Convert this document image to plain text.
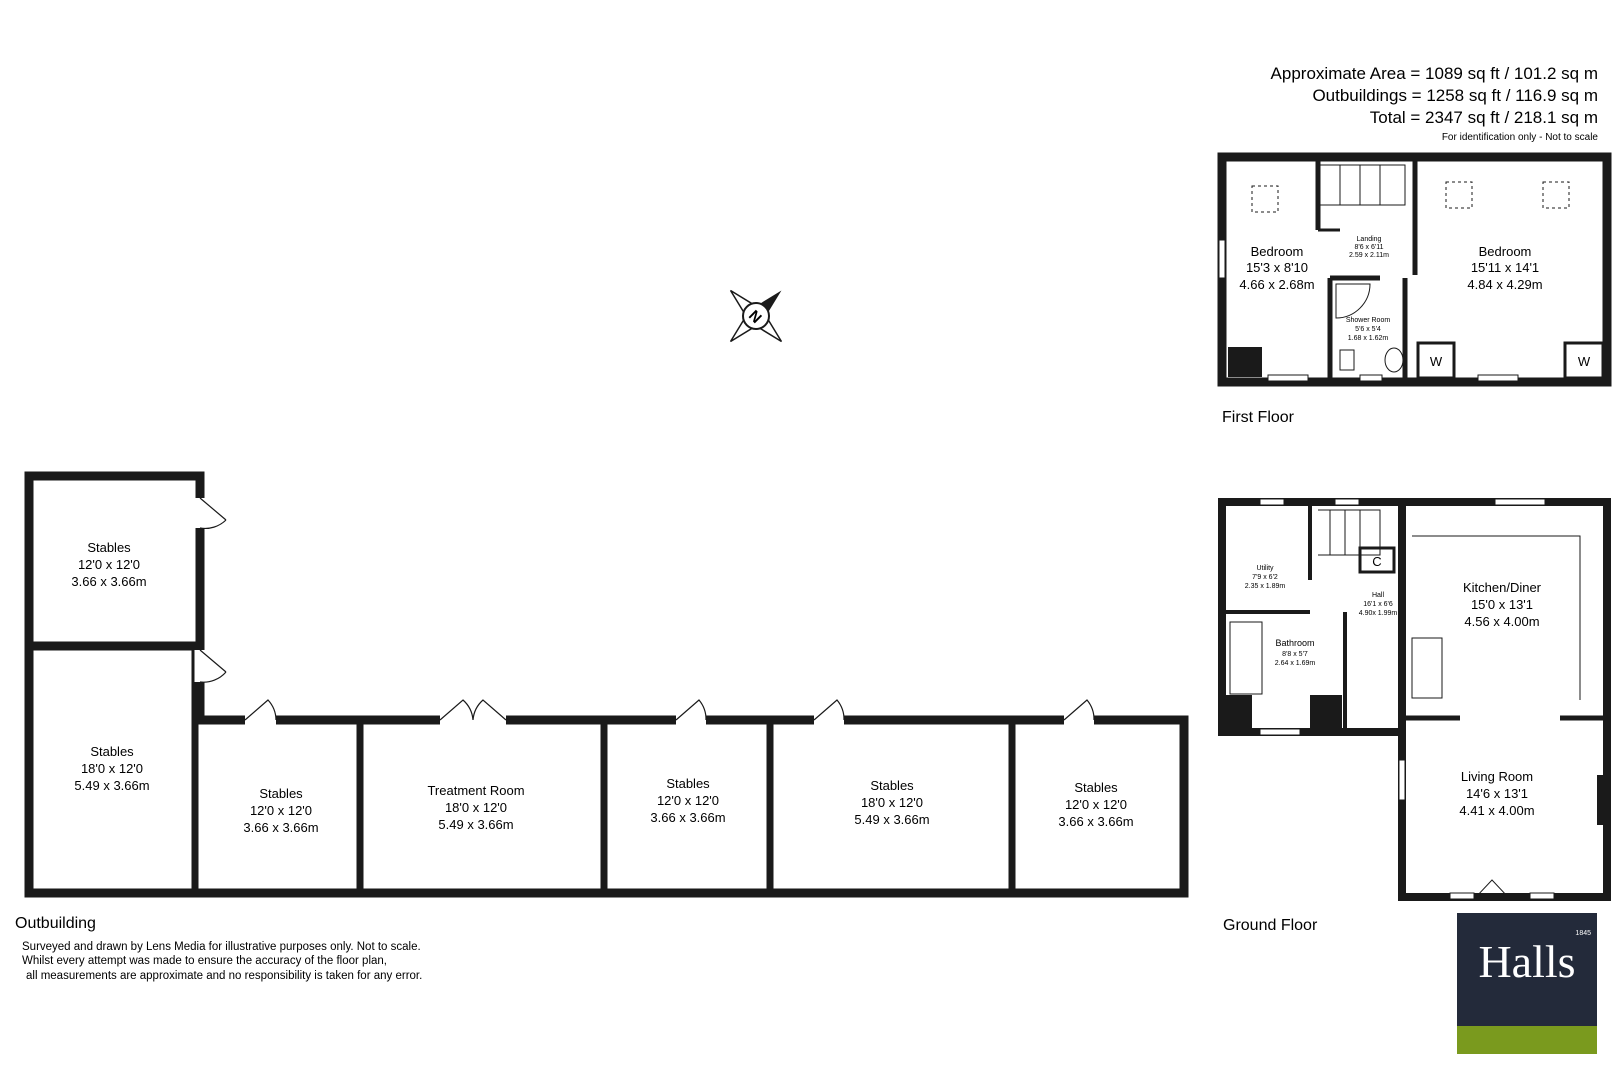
Approximate Area = 1089 sq ft / 101.2 sq m
Outbuildings = 1258 sq ft / 116.9 sq m
Total = 2347 sq ft / 218.1 sq m
For identification only - Not to scale
N
Bedroom
15'3 x 8'10
4.66 x 2.68m
Bedroom
15'11 x 14'1
4.84 x 4.29m
Landing
8'6 x 6'11
2.59 x 2.11m
Shower Room
5'6 x 5'4
1.68 x 1.62m
W	W
First Floor
Utility
7'9 x 6'2
2.35 x 1.89m
Hall
16'1 x 6'6
4.90x 1.99m
Bathroom
8'8 x 5'7
2.64 x 1.69m
C
Kitchen/Diner
15'0 x 13'1
4.56 x 4.00m
Living Room
14'6 x 13'1
4.41 x 4.00m
Ground Floor
Stables
12'0 x 12'0
3.66 x 3.66m
Stables
18'0 x 12'0
5.49 x 3.66m
Stables
12'0 x 12'0
3.66 x 3.66m
Treatment Room
18'0 x 12'0
5.49 x 3.66m
Stables
12'0 x 12'0
3.66 x 3.66m
Stables
18'0 x 12'0
5.49 x 3.66m
Stables
12'0 x 12'0
3.66 x 3.66m
Outbuilding
Surveyed and drawn by Lens Media for illustrative purposes only. Not to scale.
Whilst every attempt was made to ensure the accuracy of the floor plan,
all measurements are approximate and no responsibility is taken for any error.	Halls
1845
